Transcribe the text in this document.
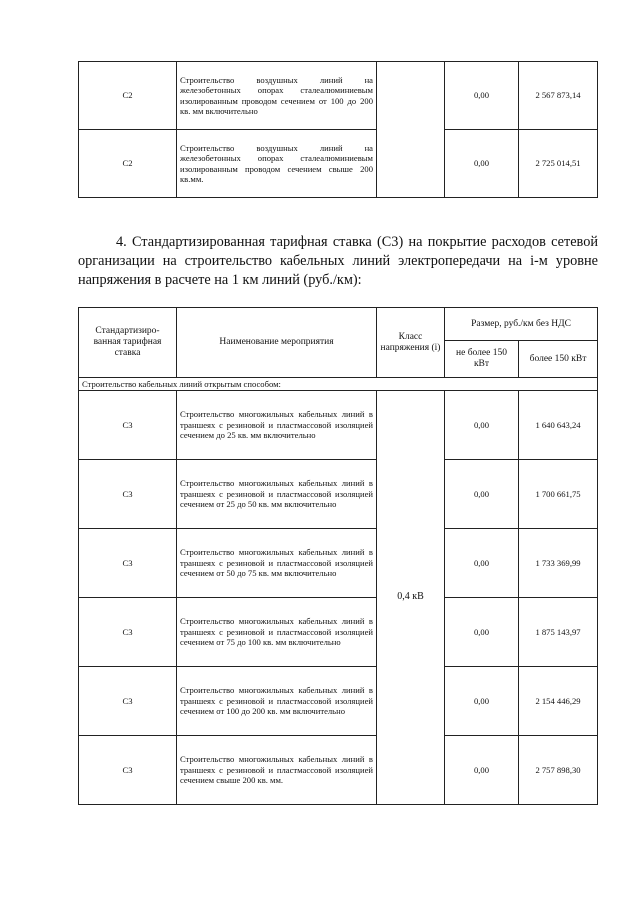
С2	Строительство воздушных линий на железобетонных опорах сталеалюминиевым изолированным проводом сечением от 100 до 200 кв. мм включительно		0,00	2 567 873,14
С2	Строительство воздушных линий на железобетонных опорах сталеалюминиевым изолированным проводом сечением свыше 200 кв.мм.		0,00	2 725 014,51

4. Стандартизированная тарифная ставка (С3) на покрытие расходов сетевой организации на строительство кабельных линий электропередачи на i-м уровне напряжения в расчете на 1 км линий (руб./км):

Стандартизиро-ванная тарифная ставка	Наименование мероприятия	Класс напряжения (i)	Размер, руб./км без НДС	
			не более 150 кВт	более 150 кВт
Строительство кабельных линий открытым способом:				
С3	Строительство многожильных кабельных линий в траншеях с резиновой и пластмассовой изоляцией сечением до 25 кв. мм включительно	0,4 кВ	0,00	1 640 643,24
С3	Строительство многожильных кабельных линий в траншеях с резиновой и пластмассовой изоляцией сечением от 25 до 50 кв. мм включительно		0,00	1 700 661,75
С3	Строительство многожильных кабельных линий в траншеях с резиновой и пластмассовой изоляцией сечением от 50 до 75 кв. мм включительно		0,00	1 733 369,99
С3	Строительство многожильных кабельных линий в траншеях с резиновой и пластмассовой изоляцией сечением от 75 до 100 кв. мм включительно		0,00	1 875 143,97
С3	Строительство многожильных кабельных линий в траншеях с резиновой и пластмассовой изоляцией сечением от 100 до 200 кв. мм включительно		0,00	2 154 446,29
С3	Строительство многожильных кабельных линий в траншеях с резиновой и пластмассовой изоляцией сечением свыше 200 кв. мм.		0,00	2 757 898,30
